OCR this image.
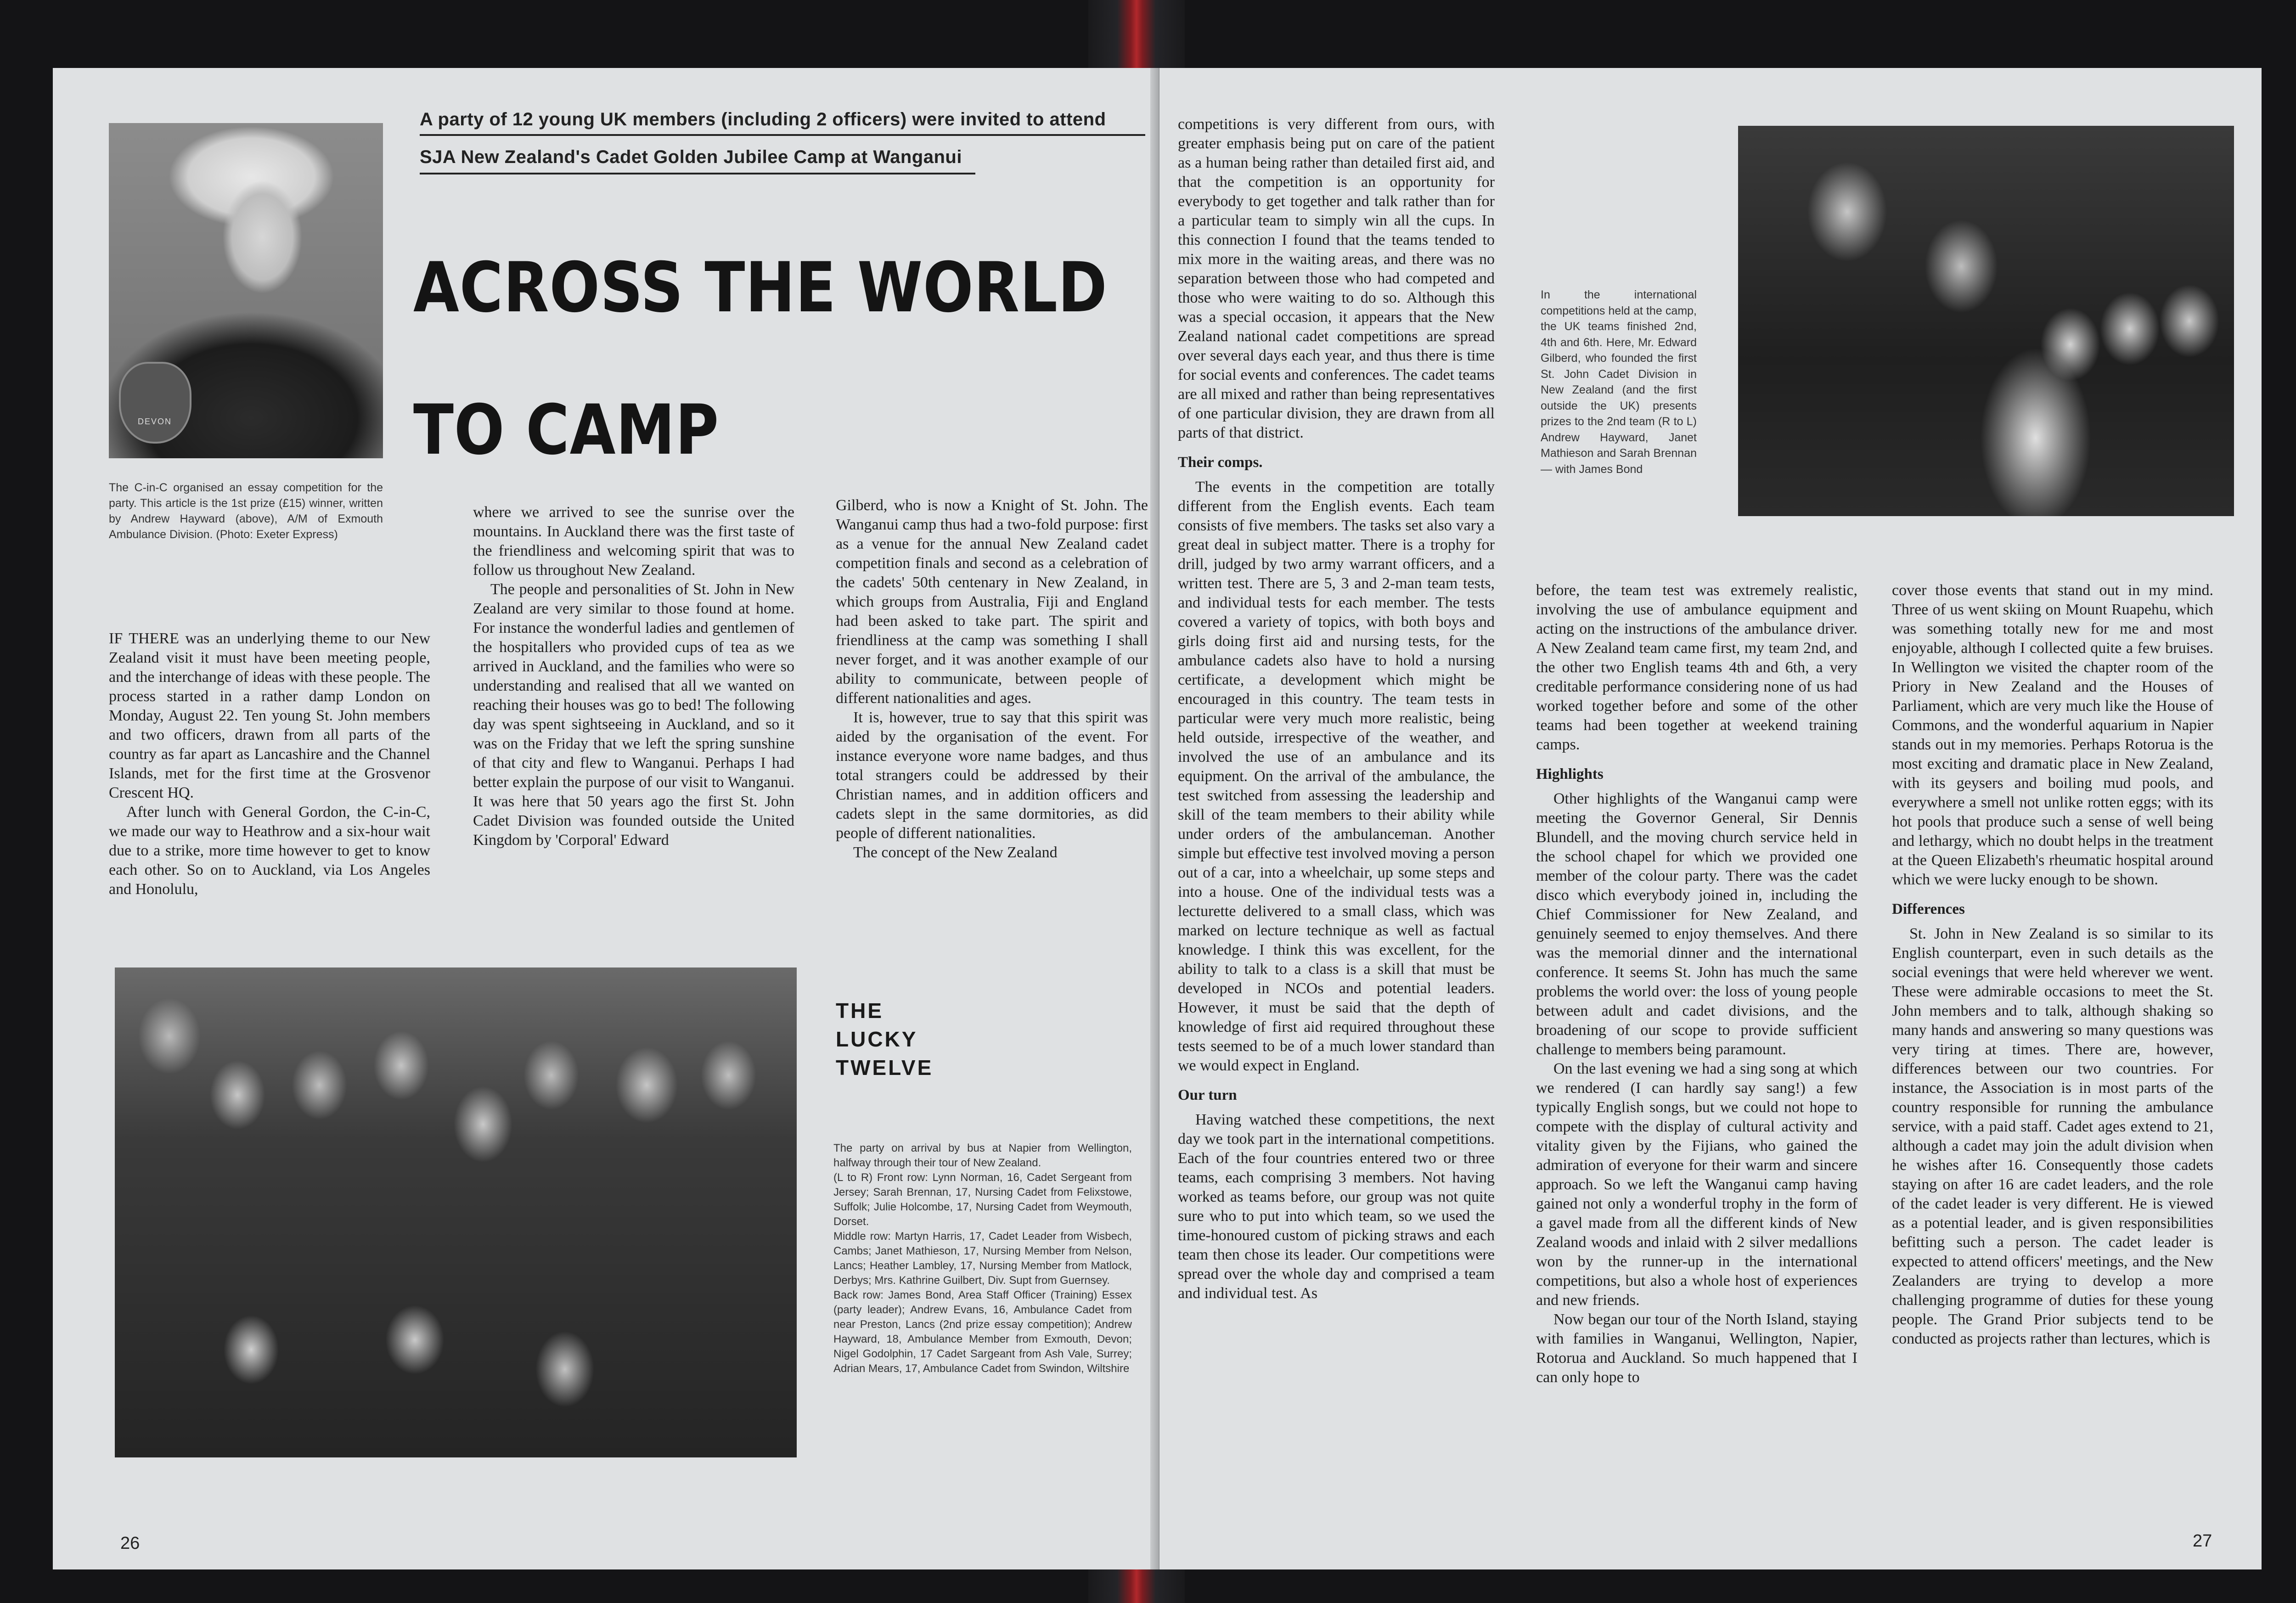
DEVON
A party of 12 young UK members (including 2 officers) were invited to attend
SJA New Zealand's Cadet Golden Jubilee Camp at Wanganui
ACROSS THE WORLD
TO CAMP
The C-in-C organised an essay competition for the party. This article is the 1st prize (£15) winner, written by Andrew Hayward (above), A/M of Exmouth Ambulance Division. (Photo: Exeter Express)

IF THERE was an underlying theme to our New Zealand visit it must have been meeting people, and the interchange of ideas with these people. The process started in a rather damp London on Monday, August 22. Ten young St. John members and two officers, drawn from all parts of the country as far apart as Lancashire and the Channel Islands, met for the first time at the Grosvenor Crescent HQ.

After lunch with General Gordon, the C-in-C, we made our way to Heathrow and a six-hour wait due to a strike, more time however to get to know each other. So on to Auckland, via Los Angeles and Honolulu,

where we arrived to see the sunrise over the mountains. In Auckland there was the first taste of the friendliness and welcoming spirit that was to follow us throughout New Zealand.

The people and personalities of St. John in New Zealand are very similar to those found at home. For instance the wonderful ladies and gentlemen of the hospitallers who provided cups of tea as we arrived in Auckland, and the families who were so understanding and realised that all we wanted on reaching their houses was go to bed! The following day was spent sightseeing in Auckland, and so it was on the Friday that we left the spring sunshine of that city and flew to Wanganui. Perhaps I had better explain the purpose of our visit to Wanganui. It was here that 50 years ago the first St. John Cadet Division was founded outside the United Kingdom by 'Corporal' Edward

Gilberd, who is now a Knight of St. John. The Wanganui camp thus had a two-fold purpose: first as a venue for the annual New Zealand cadet competition finals and second as a celebration of the cadets' 50th centenary in New Zealand, in which groups from Australia, Fiji and England had been asked to take part. The spirit and friendliness at the camp was something I shall never forget, and it was another example of our ability to communicate, between people of different nationalities and ages.

It is, however, true to say that this spirit was aided by the organisation of the event. For instance everyone wore name badges, and thus total strangers could be addressed by their Christian names, and in addition officers and cadets slept in the same dormitories, as did people of different nationalities.

The concept of the New Zealand

THE
LUCKY
TWELVE

The party on arrival by bus at Napier from Wellington, halfway through their tour of New Zealand.

(L to R) Front row: Lynn Norman, 16, Cadet Sergeant from Jersey; Sarah Brennan, 17, Nursing Cadet from Felixstowe, Suffolk; Julie Holcombe, 17, Nursing Cadet from Weymouth, Dorset.

Middle row: Martyn Harris, 17, Cadet Leader from Wisbech, Cambs; Janet Mathieson, 17, Nursing Member from Nelson, Lancs; Heather Lambley, 17, Nursing Member from Matlock, Derbys; Mrs. Kathrine Guilbert, Div. Supt from Guernsey.

Back row: James Bond, Area Staff Officer (Training) Essex (party leader); Andrew Evans, 16, Ambulance Cadet from near Preston, Lancs (2nd prize essay competition); Andrew Hayward, 18, Ambulance Member from Exmouth, Devon; Nigel Godolphin, 17 Cadet Sargeant from Ash Vale, Surrey; Adrian Mears, 17, Ambulance Cadet from Swindon, Wiltshire

26

competitions is very different from ours, with greater emphasis being put on care of the patient as a human being rather than detailed first aid, and that the competition is an opportunity for everybody to get together and talk rather than for a particular team to simply win all the cups. In this connection I found that the teams tended to mix more in the waiting areas, and there was no separation between those who had competed and those who were waiting to do so. Although this was a special occasion, it appears that the New Zealand national cadet competitions are spread over several days each year, and thus there is time for social events and conferences. The cadet teams are all mixed and rather than being representatives of one particular division, they are drawn from all parts of that district.

Their comps.

The events in the competition are totally different from the English events. Each team consists of five members. The tasks set also vary a great deal in subject matter. There is a trophy for drill, judged by two army warrant officers, and a written test. There are 5, 3 and 2-man team tests, and individual tests for each member. The tests covered a variety of topics, with both boys and girls doing first aid and nursing tests, for the ambulance cadets also have to hold a nursing certificate, a development which might be encouraged in this country. The team tests in particular were very much more realistic, being held outside, irrespective of the weather, and involved the use of an ambulance and its equipment. On the arrival of the ambulance, the test switched from assessing the leadership and skill of the team members to their ability while under orders of the ambulanceman. Another simple but effective test involved moving a person out of a car, into a wheelchair, up some steps and into a house. One of the individual tests was a lecturette delivered to a small class, which was marked on lecture technique as well as factual knowledge. I think this was excellent, for the ability to talk to a class is a skill that must be developed in NCOs and potential leaders. However, it must be said that the depth of knowledge of first aid required throughout these tests seemed to be of a much lower standard than we would expect in England.

Our turn

Having watched these competitions, the next day we took part in the international competitions. Each of the four countries entered two or three teams, each comprising 3 members. Not having worked as teams before, our group was not quite sure who to put into which team, so we used the time-honoured custom of picking straws and each team then chose its leader. Our competitions were spread over the whole day and comprised a team and individual test. As

In the international competitions held at the camp, the UK teams finished 2nd, 4th and 6th. Here, Mr. Edward Gilberd, who founded the first St. John Cadet Division in New Zealand (and the first outside the UK) presents prizes to the 2nd team (R to L) Andrew Hayward, Janet Mathieson and Sarah Brennan — with James Bond

before, the team test was extremely realistic, involving the use of ambulance equipment and acting on the instructions of the ambulance driver. A New Zealand team came first, my team 2nd, and the other two English teams 4th and 6th, a very creditable performance considering none of us had worked together before and some of the other teams had been together at weekend training camps.

Highlights

Other highlights of the Wanganui camp were meeting the Governor General, Sir Dennis Blundell, and the moving church service held in the school chapel for which we provided one member of the colour party. There was the cadet disco which everybody joined in, including the Chief Commissioner for New Zealand, and genuinely seemed to enjoy themselves. And there was the memorial dinner and the international conference. It seems St. John has much the same problems the world over: the loss of young people between adult and cadet divisions, and the broadening of our scope to provide sufficient challenge to members being paramount.

On the last evening we had a sing song at which we rendered (I can hardly say sang!) a few typically English songs, but we could not hope to compete with the display of cultural activity and vitality given by the Fijians, who gained the admiration of everyone for their warm and sincere approach. So we left the Wanganui camp having gained not only a wonderful trophy in the form of a gavel made from all the different kinds of New Zealand woods and inlaid with 2 silver medallions won by the runner-up in the international competitions, but also a whole host of experiences and new friends.

Now began our tour of the North Island, staying with families in Wanganui, Wellington, Napier, Rotorua and Auckland. So much happened that I can only hope to

cover those events that stand out in my mind. Three of us went skiing on Mount Ruapehu, which was something totally new for me and most enjoyable, although I collected quite a few bruises. In Wellington we visited the chapter room of the Priory in New Zealand and the Houses of Parliament, which are very much like the House of Commons, and the wonderful aquarium in Napier stands out in my memories. Perhaps Rotorua is the most exciting and dramatic place in New Zealand, with its geysers and boiling mud pools, and everywhere a smell not unlike rotten eggs; with its hot pools that produce such a sense of well being and lethargy, which no doubt helps in the treatment at the Queen Elizabeth's rheumatic hospital around which we were lucky enough to be shown.

Differences

St. John in New Zealand is so similar to its English counterpart, even in such details as the social evenings that were held wherever we went. These were admirable occasions to meet the St. John members and to talk, although shaking so many hands and answering so many questions was very tiring at times. There are, however, differences between our two countries. For instance, the Association is in most parts of the country responsible for running the ambulance service, with a paid staff. Cadet ages extend to 21, although a cadet may join the adult division when he wishes after 16. Consequently those cadets staying on after 16 are cadet leaders, and the role of the cadet leader is very different. He is viewed as a potential leader, and is given responsibilities befitting such a person. The cadet leader is expected to attend officers' meetings, and the New Zealanders are trying to develop a more challenging programme of duties for these young people. The Grand Prior subjects tend to be conducted as projects rather than lectures, which is

27
